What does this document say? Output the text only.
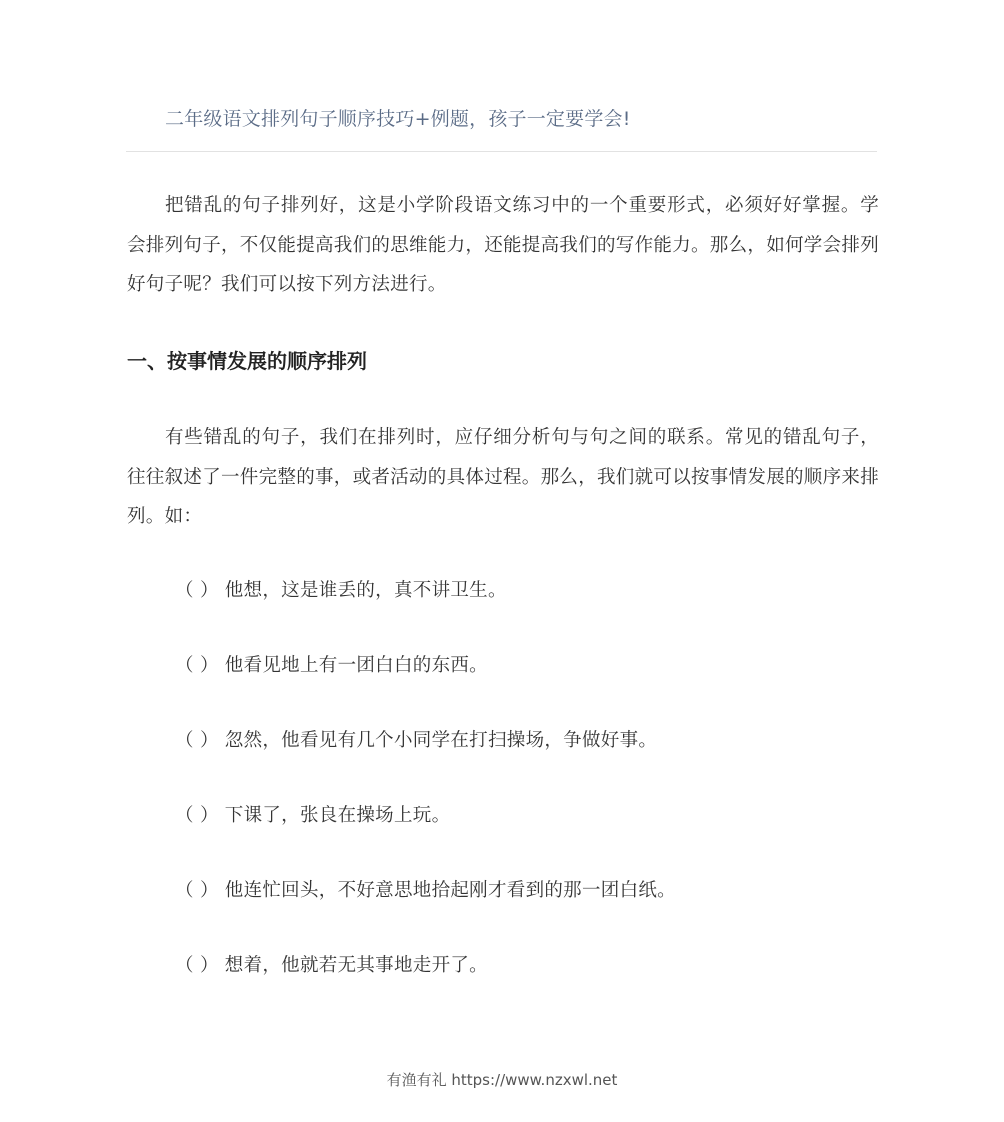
二年级语文排列句子顺序技巧+例题，孩子一定要学会!

把错乱的句子排列好，这是小学阶段语文练习中的一个重要形式，必须好好掌握。学会排列句子，不仅能提高我们的思维能力，还能提高我们的写作能力。那么，如何学会排列好句子呢？我们可以按下列方法进行。

一、按事情发展的顺序排列

有些错乱的句子，我们在排列时，应仔细分析句与句之间的联系。常见的错乱句子，往往叙述了一件完整的事，或者活动的具体过程。那么，我们就可以按事情发展的顺序来排列。如：

（ ） 他想，这是谁丢的，真不讲卫生。
（ ） 他看见地上有一团白白的东西。
（ ） 忽然，他看见有几个小同学在打扫操场，争做好事。
（ ） 下课了，张良在操场上玩。
（ ） 他连忙回头，不好意思地拾起刚才看到的那一团白纸。
（ ） 想着，他就若无其事地走开了。
有渔有礼 https://www.nzxwl.net
